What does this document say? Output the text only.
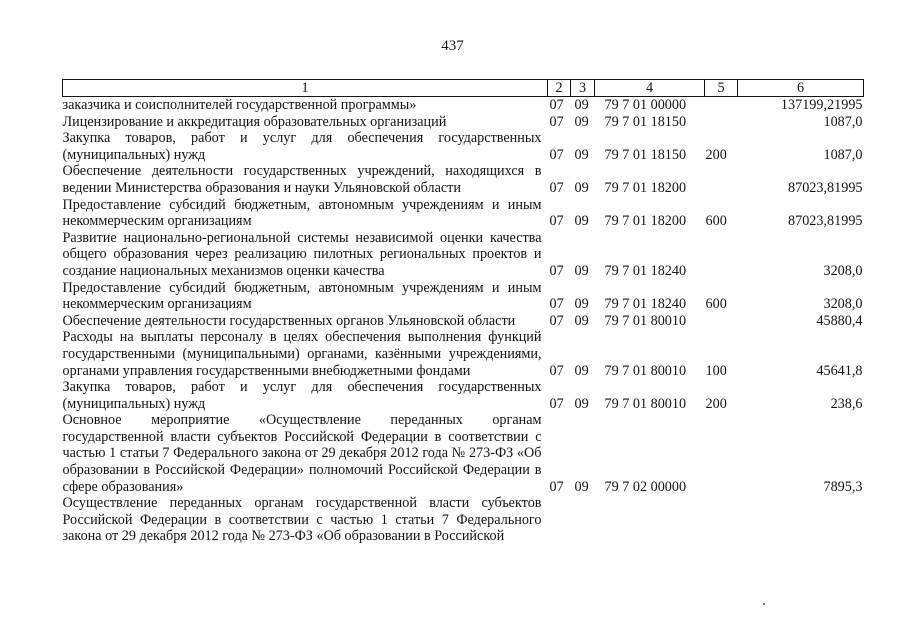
437
1	2	3	4	5	6
заказчика и соисполнителей государственной программы»	07	09	79 7 01 00000		137199,21995
Лицензирование и аккредитация образовательных организаций	07	09	79 7 01 18150		1087,0
Закупка товаров, работ и услуг для обеспечения государственных (муниципальных) нужд	07	09	79 7 01 18150	200	1087,0
Обеспечение деятельности государственных учреждений, находящихся в ведении Министерства образования и науки Ульяновской области	07	09	79 7 01 18200		87023,81995
Предоставление субсидий бюджетным, автономным учреждениям и иным некоммерческим организациям	07	09	79 7 01 18200	600	87023,81995
Развитие национально-региональной системы независимой оценки качества общего образования через реализацию пилотных региональных проектов и создание национальных механизмов оценки качества	07	09	79 7 01 18240		3208,0
Предоставление субсидий бюджетным, автономным учреждениям и иным некоммерческим организациям	07	09	79 7 01 18240	600	3208,0
Обеспечение деятельности государственных органов Ульяновской области	07	09	79 7 01 80010		45880,4
Расходы на выплаты персоналу в целях обеспечения выполнения функций государственными (муниципальными) органами, казёнными учреждениями, органами управления государственными внебюджетными фондами	07	09	79 7 01 80010	100	45641,8
Закупка товаров, работ и услуг для обеспечения государственных (муниципальных) нужд	07	09	79 7 01 80010	200	238,6
Основное мероприятие «Осуществление переданных органам государственной власти субъектов Российской Федерации в соответствии с частью 1 статьи 7 Федерального закона от 29 декабря 2012 года № 273-ФЗ «Об образовании в Российской Федерации» полномочий Российской Федерации в сфере образования»	07	09	79 7 02 00000		7895,3
Осуществление переданных органам государственной власти субъектов Российской Федерации в соответствии с частью 1 статьи 7 Федерального закона от 29 декабря 2012 года № 273-ФЗ «Об образовании в Российской					
